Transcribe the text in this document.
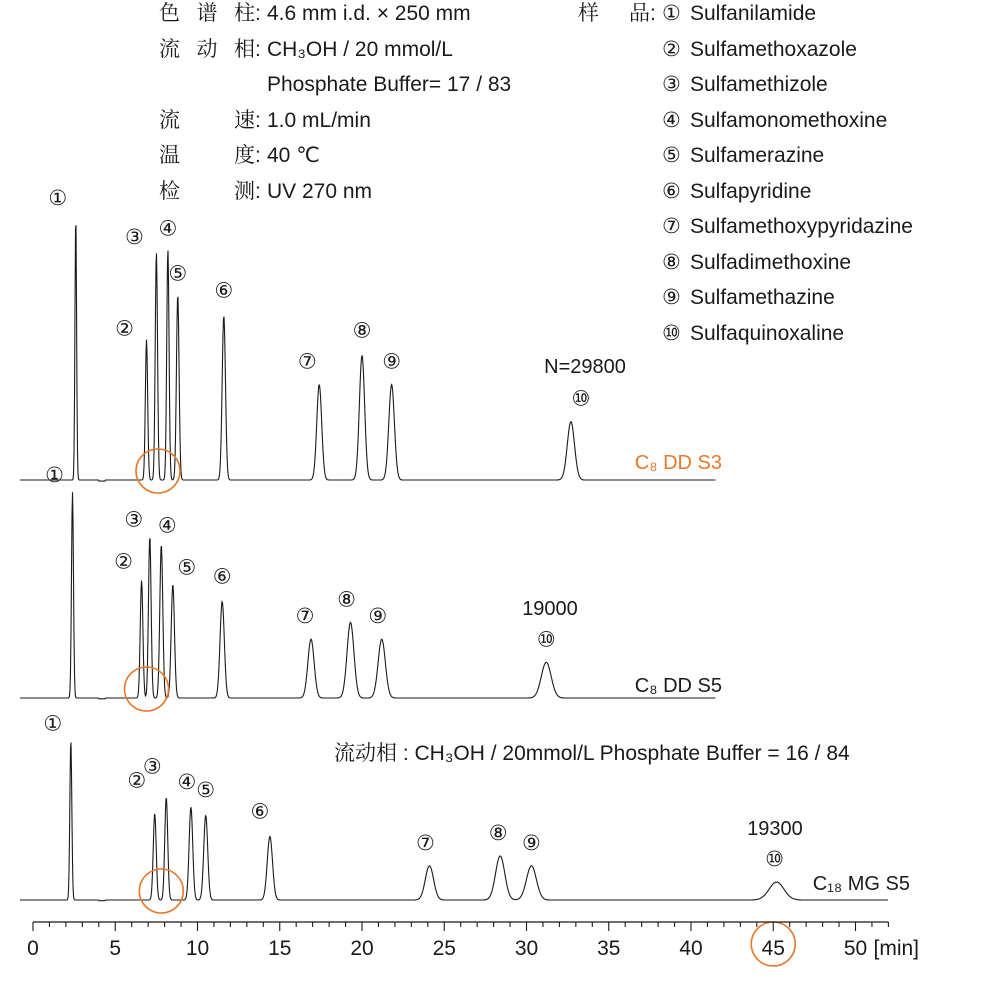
色谱柱 : 4.6 mm i.d. × 250 mm
流动相 : CH₃OH / 20 mmol/L
Phosphate Buffer= 17 / 83
流　速 : 1.0 mL/min
温　度 : 40 ℃
检　测 : UV 270 nm
样　品 : ① Sulfanilamide
② Sulfamethoxazole
③ Sulfamethizole
④ Sulfamonomethoxine
⑤ Sulfamerazine
⑥ Sulfapyridine
⑦ Sulfamethoxypyridazine
⑧ Sulfadimethoxine
⑨ Sulfamethazine
⑩ Sulfaquinoxaline
①
②
③ ④
⑤
⑥
⑦
⑧
⑨
⑩
C₈ DD S3
N=29800
①
②
③ ④
⑤ ⑥
⑦
⑧
⑨
⑩
C₈ DD S5
19000
①
②
③
④ ⑤
⑥
⑦	⑧ ⑨
⑩
C₁₈ MG S5
19300
流动相 : CH₃OH / 20mmol/L Phosphate Buffer = 16 / 84
0	5	10	15	20	25	30	35	40	45	50 [min]
